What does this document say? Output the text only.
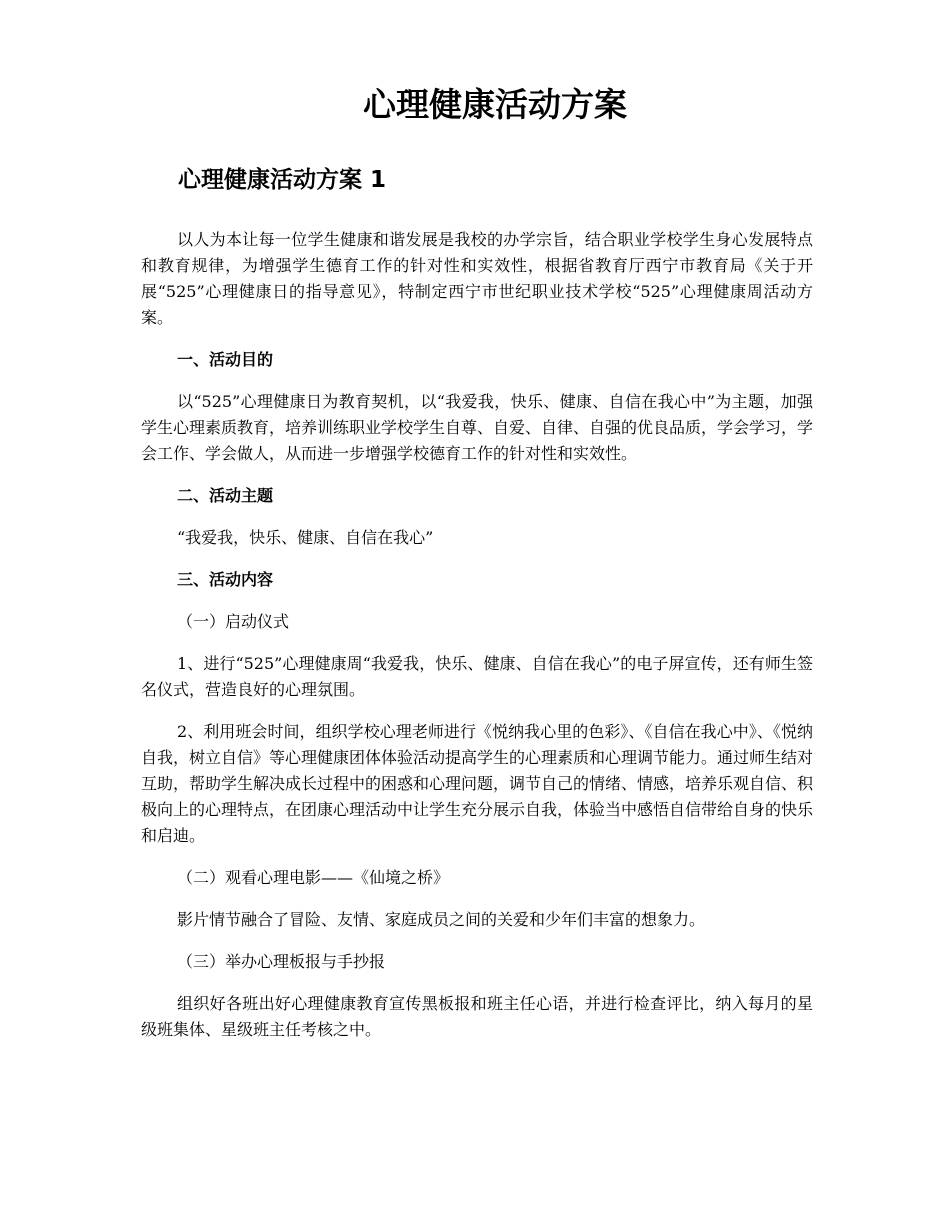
心理健康活动方案
心理健康活动方案 1

以人为本让每一位学生健康和谐发展是我校的办学宗旨，结合职业学校学生身心发展特点和教育规律，为增强学生德育工作的针对性和实效性，根据省教育厅西宁市教育局《关于开展“525”心理健康日的指导意见》，特制定西宁市世纪职业技术学校“525”心理健康周活动方案。

一、活动目的

以“525”心理健康日为教育契机，以“我爱我，快乐、健康、自信在我心中”为主题，加强学生心理素质教育，培养训练职业学校学生自尊、自爱、自律、自强的优良品质，学会学习，学会工作、学会做人，从而进一步增强学校德育工作的针对性和实效性。

二、活动主题

“我爱我，快乐、健康、自信在我心”

三、活动内容

（一）启动仪式

1、进行“525”心理健康周“我爱我，快乐、健康、自信在我心”的电子屏宣传，还有师生签名仪式，营造良好的心理氛围。

2、利用班会时间，组织学校心理老师进行《悦纳我心里的色彩》、《自信在我心中》、《悦纳自我，树立自信》等心理健康团体体验活动提高学生的心理素质和心理调节能力。通过师生结对互助，帮助学生解决成长过程中的困惑和心理问题，调节自己的情绪、情感，培养乐观自信、积极向上的心理特点，在团康心理活动中让学生充分展示自我，体验当中感悟自信带给自身的快乐和启迪。

（二）观看心理电影——《仙境之桥》

影片情节融合了冒险、友情、家庭成员之间的关爱和少年们丰富的想象力。

（三）举办心理板报与手抄报

组织好各班出好心理健康教育宣传黑板报和班主任心语，并进行检查评比，纳入每月的星级班集体、星级班主任考核之中。
